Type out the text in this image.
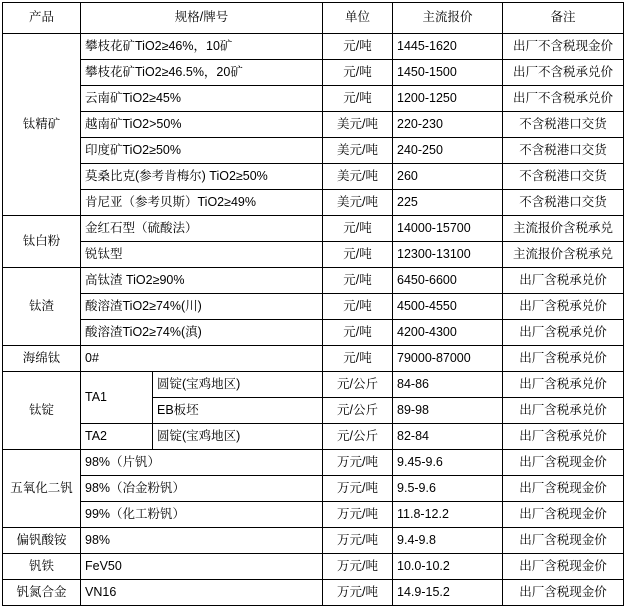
产品	规格/牌号		单位	主流报价	备注
钛精矿	攀枝花矿TiO2≥46%，10矿		元/吨	1445-1620	出厂不含税现金价
	攀枝花矿TiO2≥46.5%，20矿		元/吨	1450-1500	出厂不含税承兑价
	云南矿TiO2≥45%		元/吨	1200-1250	出厂不含税承兑价
	越南矿TiO2>50%		美元/吨	220-230	不含税港口交货
	印度矿TiO2≥50%		美元/吨	240-250	不含税港口交货
	莫桑比克(参考肯梅尔) TiO2≥50%		美元/吨	260	不含税港口交货
	肯尼亚（参考贝斯）TiO2≥49%		美元/吨	225	不含税港口交货
钛白粉	金红石型（硫酸法）		元/吨	14000-15700	主流报价含税承兑
	锐钛型		元/吨	12300-13100	主流报价含税承兑
钛渣	高钛渣 TiO2≥90%		元/吨	6450-6600	出厂含税承兑价
	酸溶渣TiO2≥74%(川)		元/吨	4500-4550	出厂含税承兑价
	酸溶渣TiO2≥74%(滇)		元/吨	4200-4300	出厂含税承兑价
海绵钛	0#		元/吨	79000-87000	出厂含税承兑价
钛锭	TA1	圆锭(宝鸡地区)	元/公斤	84-86	出厂含税承兑价
		EB板坯	元/公斤	89-98	出厂含税承兑价
	TA2	圆锭(宝鸡地区)	元/公斤	82-84	出厂含税承兑价
五氧化二钒	98%（片钒）		万元/吨	9.45-9.6	出厂含税现金价
	98%（冶金粉钒）		万元/吨	9.5-9.6	出厂含税现金价
	99%（化工粉钒）		万元/吨	11.8-12.2	出厂含税现金价
偏钒酸铵	98%		万元/吨	9.4-9.8	出厂含税现金价
钒铁	FeV50		万元/吨	10.0-10.2	出厂含税现金价
钒氮合金	VN16		万元/吨	14.9-15.2	出厂含税现金价
